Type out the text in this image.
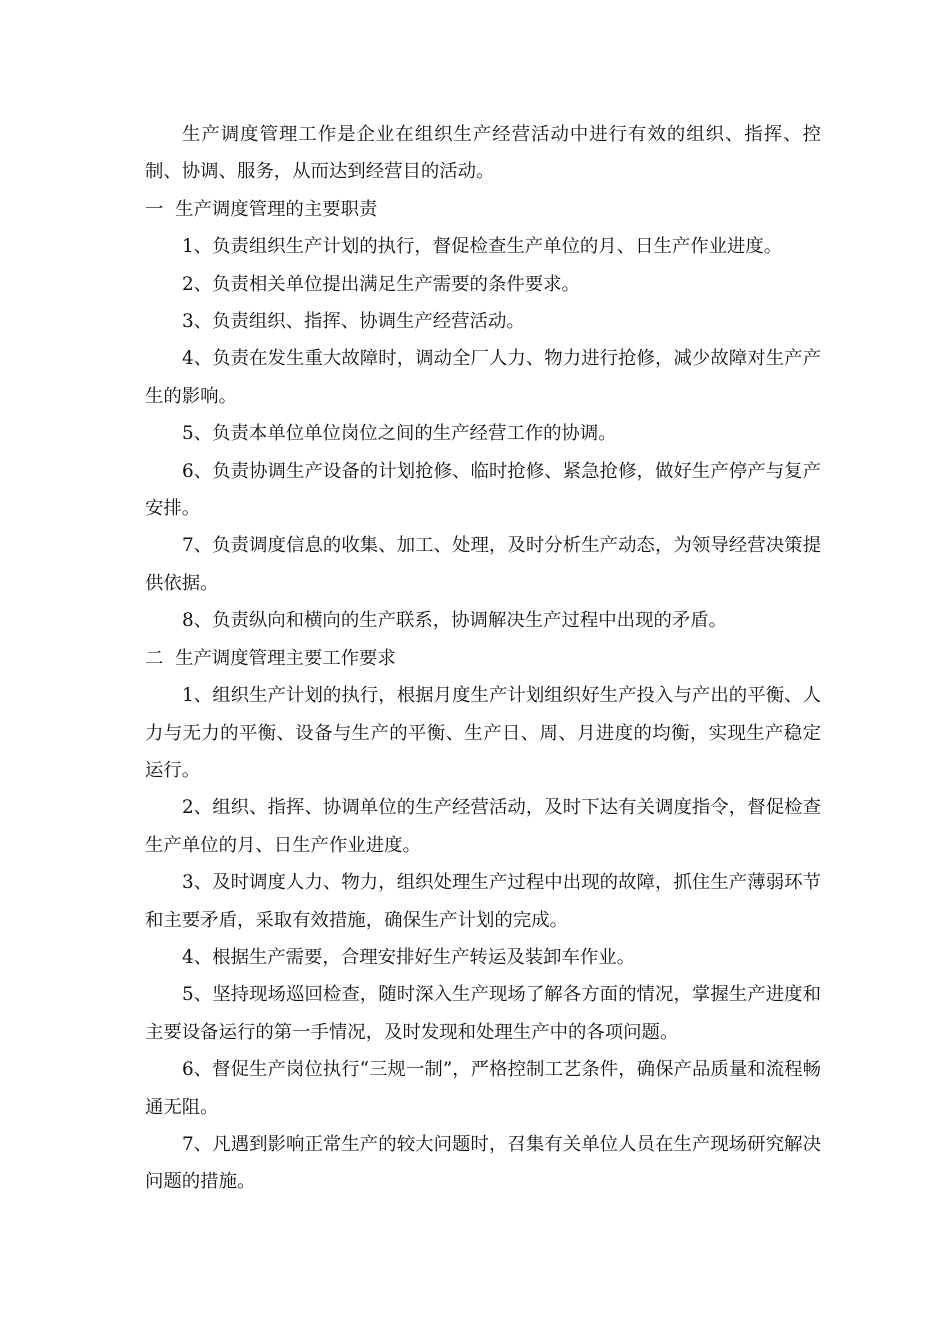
生产调度管理工作是企业在组织生产经营活动中进行有效的组织、指挥、控制、协调、服务，从而达到经营目的活动。

一  生产调度管理的主要职责

1、负责组织生产计划的执行，督促检查生产单位的月、日生产作业进度。

2、负责相关单位提出满足生产需要的条件要求。

3、负责组织、指挥、协调生产经营活动。

4、负责在发生重大故障时，调动全厂人力、物力进行抢修，减少故障对生产产生的影响。

5、负责本单位单位岗位之间的生产经营工作的协调。

6、负责协调生产设备的计划抢修、临时抢修、紧急抢修，做好生产停产与复产安排。

7、负责调度信息的收集、加工、处理，及时分析生产动态，为领导经营决策提供依据。

8、负责纵向和横向的生产联系，协调解决生产过程中出现的矛盾。

二  生产调度管理主要工作要求

1、组织生产计划的执行，根据月度生产计划组织好生产投入与产出的平衡、人力与无力的平衡、设备与生产的平衡、生产日、周、月进度的均衡，实现生产稳定运行。

2、组织、指挥、协调单位的生产经营活动，及时下达有关调度指令，督促检查生产单位的月、日生产作业进度。

3、及时调度人力、物力，组织处理生产过程中出现的故障，抓住生产薄弱环节和主要矛盾，采取有效措施，确保生产计划的完成。

4、根据生产需要，合理安排好生产转运及装卸车作业。

5、坚持现场巡回检查，随时深入生产现场了解各方面的情况，掌握生产进度和主要设备运行的第一手情况，及时发现和处理生产中的各项问题。

6、督促生产岗位执行“三规一制”，严格控制工艺条件，确保产品质量和流程畅通无阻。

7、凡遇到影响正常生产的较大问题时，召集有关单位人员在生产现场研究解决问题的措施。
